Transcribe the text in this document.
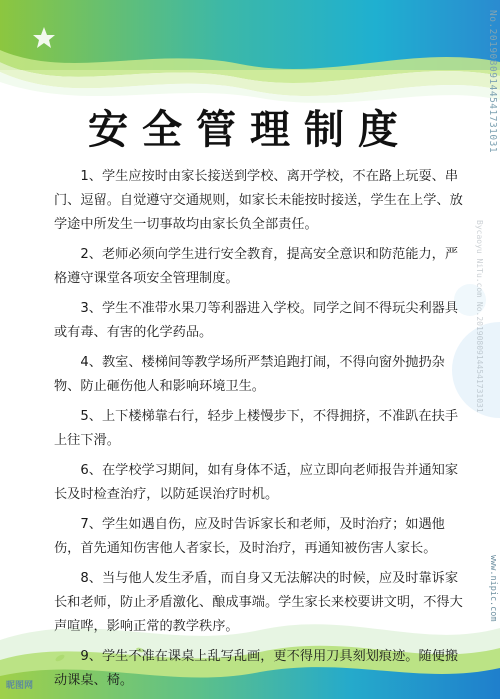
安全管理制度

1、学生应按时由家长接送到学校、离开学校，不在路上玩耍、串门、逗留。自觉遵守交通规则，如家长未能按时接送，学生在上学、放学途中所发生一切事故均由家长负全部责任。

2、老师必须向学生进行安全教育，提高安全意识和防范能力，严格遵守课堂各项安全管理制度。

3、学生不准带水果刀等利器进入学校。同学之间不得玩尖利器具或有毒、有害的化学药品。

4、教室、楼梯间等教学场所严禁追跑打闹，不得向窗外抛扔杂物、防止砸伤他人和影响环境卫生。

5、上下楼梯靠右行，轻步上楼慢步下，不得拥挤，不准趴在扶手上往下滑。

6、在学校学习期间，如有身体不适，应立即向老师报告并通知家长及时检查治疗，以防延误治疗时机。

7、学生如遇自伤，应及时告诉家长和老师，及时治疗；如遇他伤，首先通知伤害他人者家长，及时治疗，再通知被伤害人家长。

8、当与他人发生矛盾，而自身又无法解决的时候，应及时靠诉家长和老师，防止矛盾激化、酿成事端。学生家长来校要讲文明，不得大声喧哗，影响正常的教学秩序。

9、学生不准在课桌上乱写乱画，更不得用刀具刻划痕迹。随便搬动课桌、椅。

No.20190809144541731031
Bycaoyu NiTu.com No.20190809144541731031
www.nipic.com
昵图网
